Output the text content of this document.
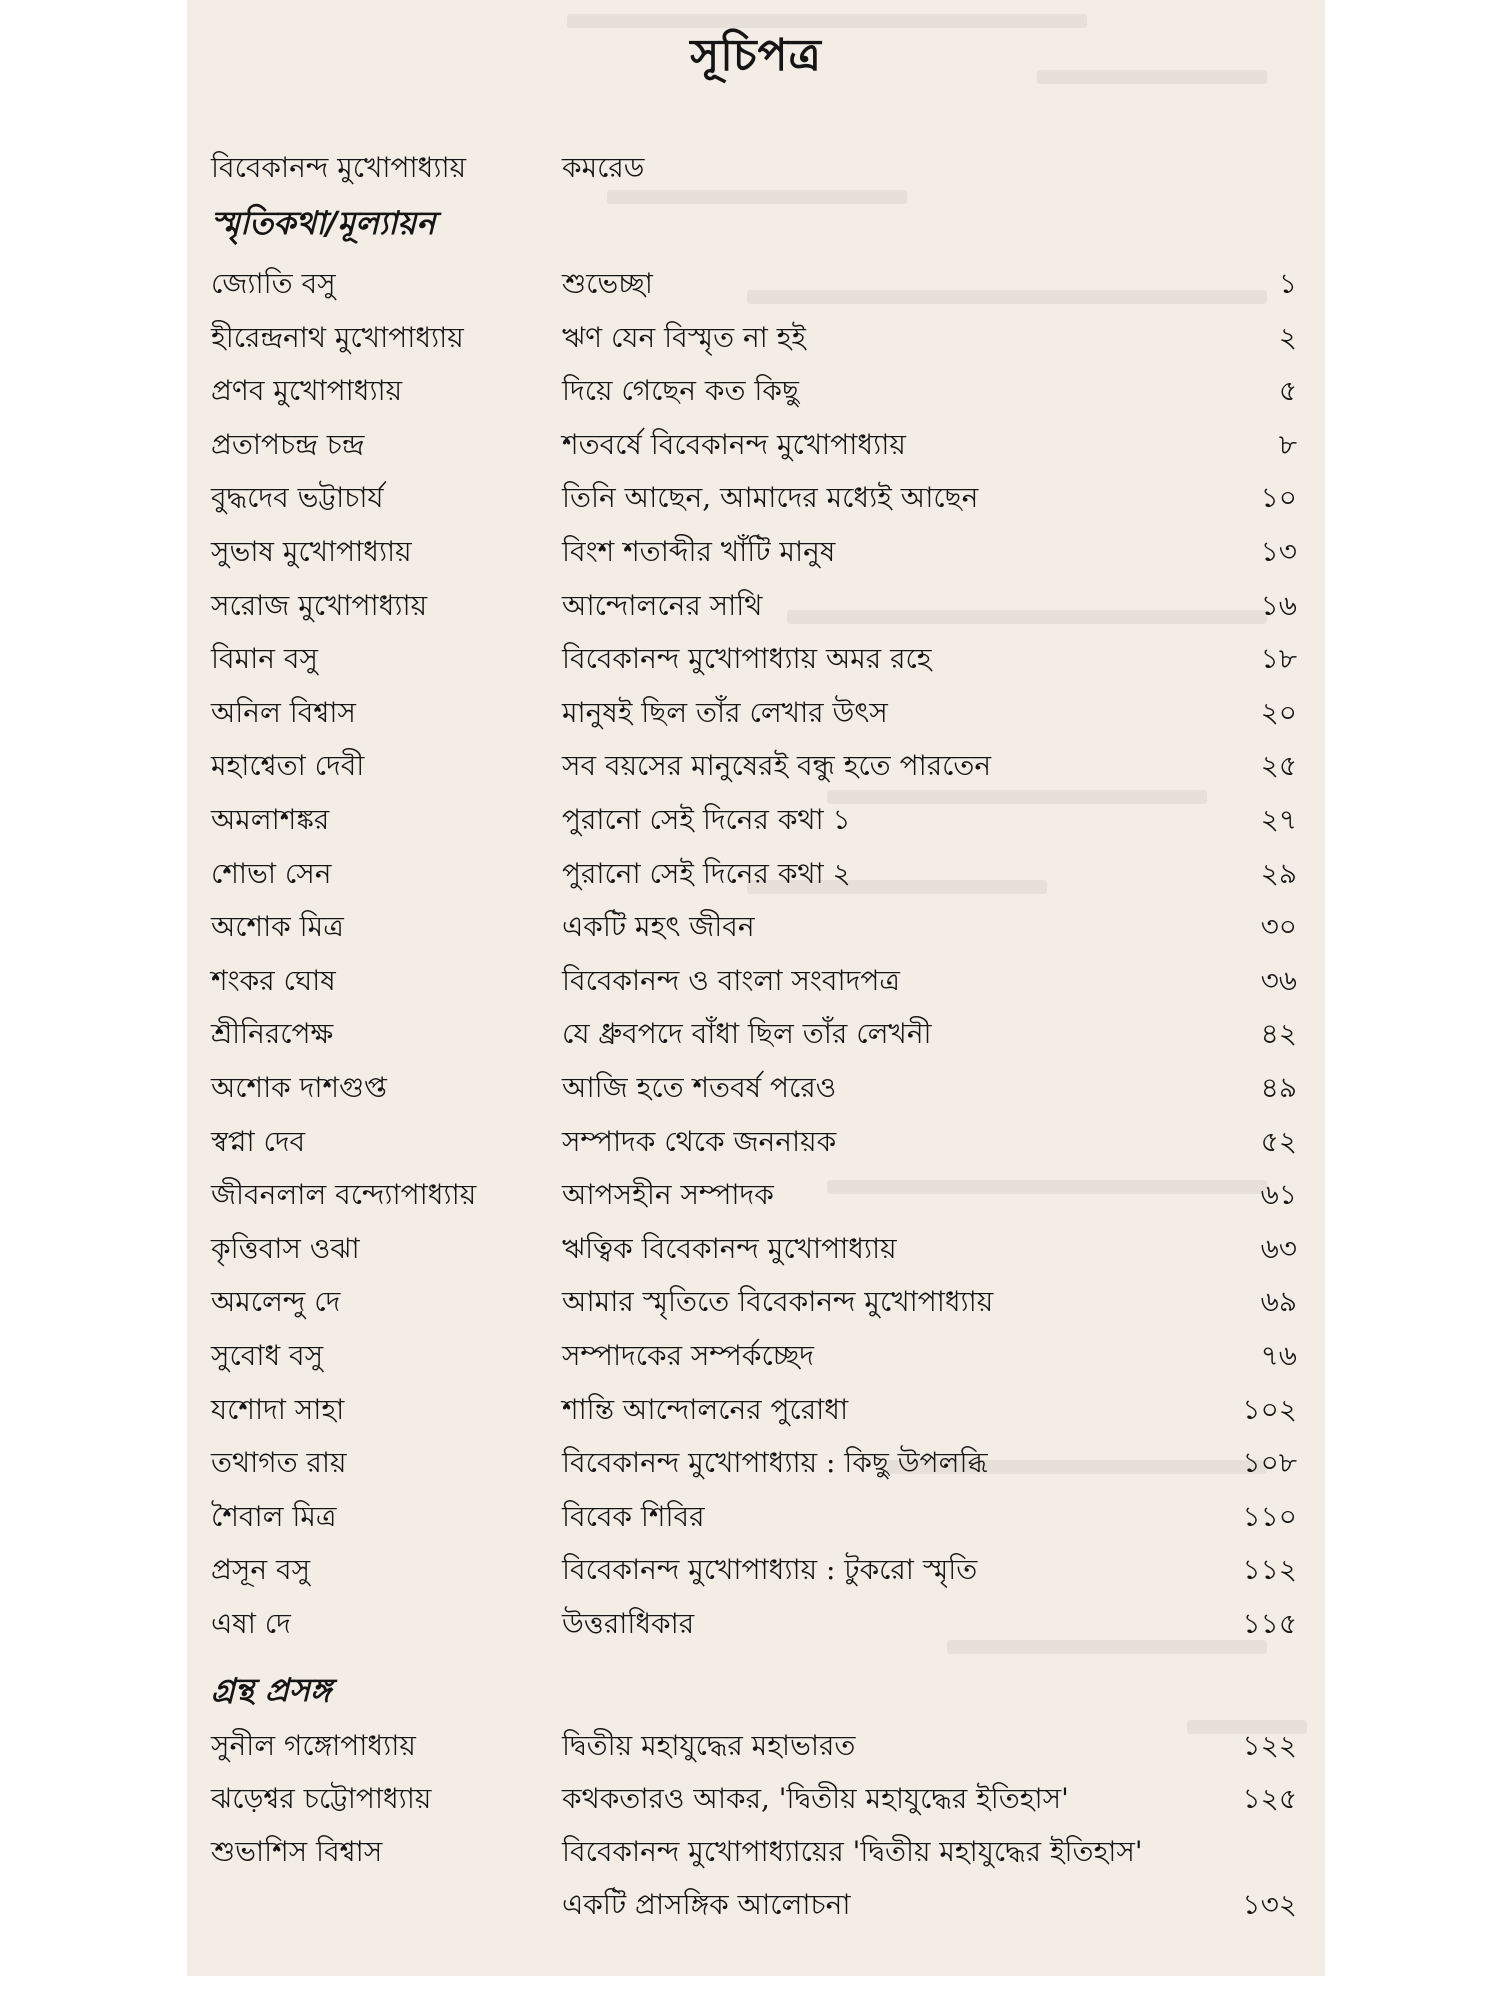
সূচিপত্র
বিবেকানন্দ মুখোপাধ্যায়	কমরেড
স্মৃতিকথা/মূল্যায়ন
জ্যোতি বসু	শুভেচ্ছা	১
হীরেন্দ্রনাথ মুখোপাধ্যায়	ঋণ যেন বিস্মৃত না হই	২
প্রণব মুখোপাধ্যায়	দিয়ে গেছেন কত কিছু	৫
প্রতাপচন্দ্র চন্দ্র	শতবর্ষে বিবেকানন্দ মুখোপাধ্যায়	৮
বুদ্ধদেব ভট্টাচার্য	তিনি আছেন, আমাদের মধ্যেই আছেন	১০
সুভাষ মুখোপাধ্যায়	বিংশ শতাব্দীর খাঁটি মানুষ	১৩
সরোজ মুখোপাধ্যায়	আন্দোলনের সাথি	১৬
বিমান বসু	বিবেকানন্দ মুখোপাধ্যায় অমর রহে	১৮
অনিল বিশ্বাস	মানুষই ছিল তাঁর লেখার উৎস	২০
মহাশ্বেতা দেবী	সব বয়সের মানুষেরই বন্ধু হতে পারতেন	২৫
অমলাশঙ্কর	পুরানো সেই দিনের কথা ১	২৭
শোভা সেন	পুরানো সেই দিনের কথা ২	২৯
অশোক মিত্র	একটি মহৎ জীবন	৩০
শংকর ঘোষ	বিবেকানন্দ ও বাংলা সংবাদপত্র	৩৬
শ্রীনিরপেক্ষ	যে ধ্রুবপদে বাঁধা ছিল তাঁর লেখনী	৪২
অশোক দাশগুপ্ত	আজি হতে শতবর্ষ পরেও	৪৯
স্বপ্না দেব	সম্পাদক থেকে জননায়ক	৫২
জীবনলাল বন্দ্যোপাধ্যায়	আপসহীন সম্পাদক	৬১
কৃত্তিবাস ওঝা	ঋত্বিক বিবেকানন্দ মুখোপাধ্যায়	৬৩
অমলেন্দু দে	আমার স্মৃতিতে বিবেকানন্দ মুখোপাধ্যায়	৬৯
সুবোধ বসু	সম্পাদকের সম্পর্কচ্ছেদ	৭৬
যশোদা সাহা	শান্তি আন্দোলনের পুরোধা	১০২
তথাগত রায়	বিবেকানন্দ মুখোপাধ্যায় : কিছু উপলব্ধি	১০৮
শৈবাল মিত্র	বিবেক শিবির	১১০
প্রসূন বসু	বিবেকানন্দ মুখোপাধ্যায় : টুকরো স্মৃতি	১১২
এষা দে	উত্তরাধিকার	১১৫
গ্রন্থ প্রসঙ্গ
সুনীল গঙ্গোপাধ্যায়	দ্বিতীয় মহাযুদ্ধের মহাভারত	১২২
ঝড়েশ্বর চট্টোপাধ্যায়	কথকতারও আকর, 'দ্বিতীয় মহাযুদ্ধের ইতিহাস'	১২৫
শুভাশিস বিশ্বাস	বিবেকানন্দ মুখোপাধ্যায়ের 'দ্বিতীয় মহাযুদ্ধের ইতিহাস'
একটি প্রাসঙ্গিক আলোচনা	১৩২
